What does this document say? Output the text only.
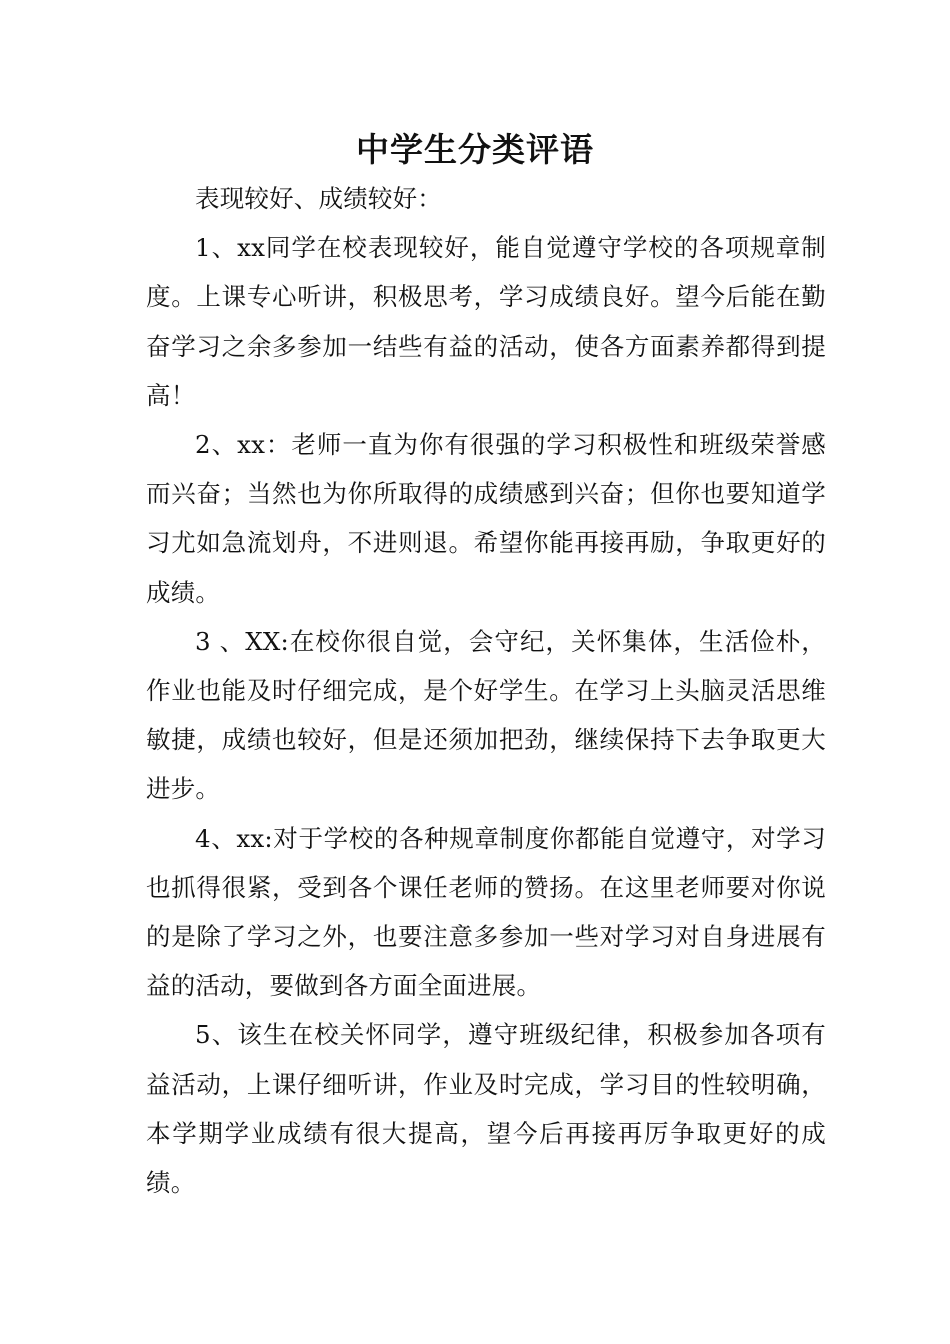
中学生分类评语

表现较好、成绩较好：

1、xx同学在校表现较好，能自觉遵守学校的各项规章制度。上课专心听讲，积极思考，学习成绩良好。望今后能在勤奋学习之余多参加一结些有益的活动，使各方面素养都得到提高！

2、xx：老师一直为你有很强的学习积极性和班级荣誉感而兴奋；当然也为你所取得的成绩感到兴奋；但你也要知道学习尤如急流划舟，不进则退。希望你能再接再励，争取更好的成绩。

3 、XX:在校你很自觉，会守纪，关怀集体，生活俭朴，作业也能及时仔细完成，是个好学生。在学习上头脑灵活思维敏捷，成绩也较好，但是还须加把劲，继续保持下去争取更大进步。

4、xx:对于学校的各种规章制度你都能自觉遵守，对学习也抓得很紧，受到各个课任老师的赞扬。在这里老师要对你说的是除了学习之外，也要注意多参加一些对学习对自身进展有益的活动，要做到各方面全面进展。

5、该生在校关怀同学，遵守班级纪律，积极参加各项有益活动，上课仔细听讲，作业及时完成，学习目的性较明确，本学期学业成绩有很大提高，望今后再接再厉争取更好的成绩。
